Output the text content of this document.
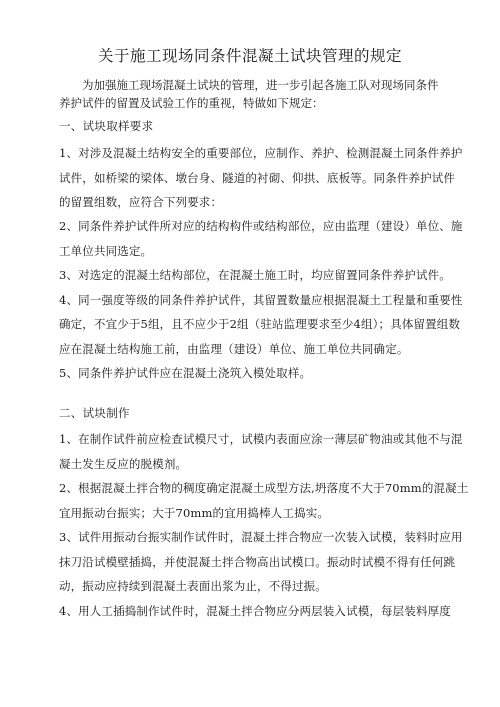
关于施工现场同条件混凝土试块管理的规定
为加强施工现场混凝土试块的管理，进一步引起各施工队对现场同条件养护试件的留置及试验工作的重视，特做如下规定：
一、试块取样要求
1、对涉及混凝土结构安全的重要部位，应制作、养护、检测混凝土同条件养护
试件，如桥梁的梁体、墩台身、隧道的衬砌、仰拱、底板等。同条件养护试件
的留置组数，应符合下列要求：
2、同条件养护试件所对应的结构构件或结构部位，应由监理（建设）单位、施
工单位共同选定。
3、对选定的混凝土结构部位，在混凝土施工时，均应留置同条件养护试件。
4、同一强度等级的同条件养护试件，其留置数量应根据混凝土工程量和重要性
确定，不宜少于5组，且不应少于2组（驻站监理要求至少4组）；具体留置组数
应在混凝土结构施工前，由监理（建设）单位、施工单位共同确定。
5、同条件养护试件应在混凝土浇筑入模处取样。
二、试块制作
1、在制作试件前应检查试模尺寸，试模内表面应涂一薄层矿物油或其他不与混
凝土发生反应的脱模剂。
2、根据混凝土拌合物的稠度确定混凝土成型方法,坍落度不大于70mm的混凝土
宜用振动台振实；大于70mm的宜用捣棒人工捣实。
3、试件用振动台振实制作试件时，混凝土拌合物应一次装入试模，装料时应用
抹刀沿试模壁插捣，并使混凝土拌合物高出试模口。振动时试模不得有任何跳
动，振动应持续到混凝土表面出浆为止，不得过振。
4、用人工插捣制作试件时，混凝土拌合物应分两层装入试模，每层装料厚度
